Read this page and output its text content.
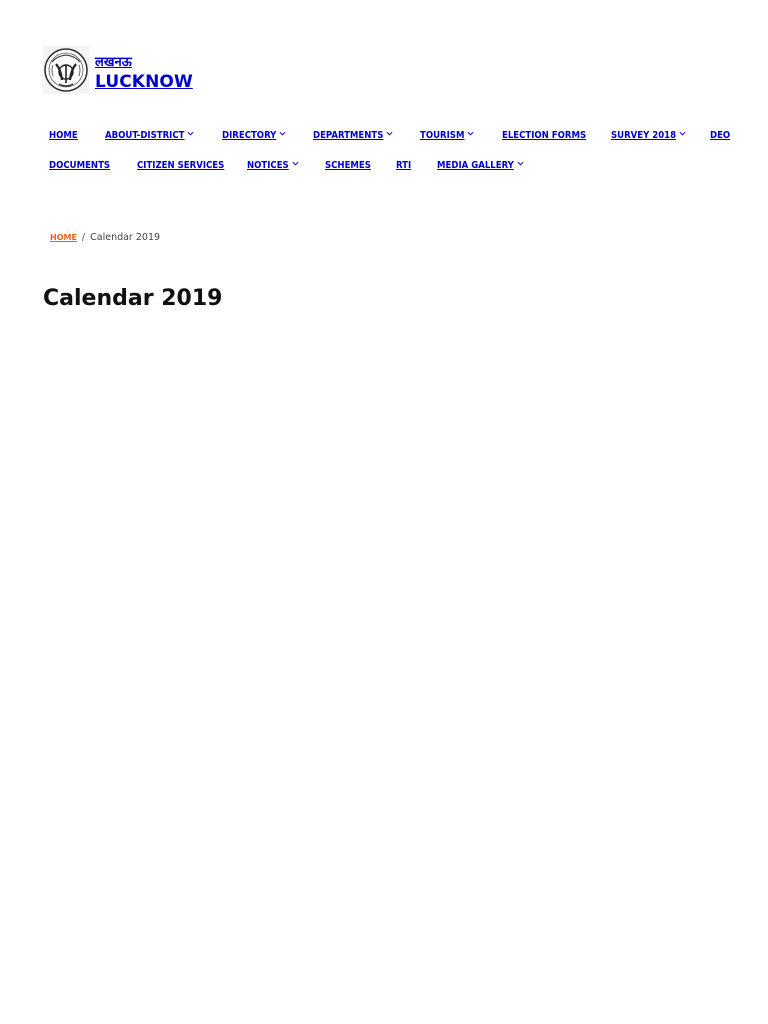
लखनऊ
LUCKNOW
HOME	ABOUT-DISTRICT	DIRECTORY	DEPARTMENTS	TOURISM	ELECTION FORMS	SURVEY 2018	DEO
DOCUMENTS	CITIZEN SERVICES NOTICES	SCHEMES	RTI	MEDIA GALLERY
HOME / Calendar 2019
Calendar 2019
